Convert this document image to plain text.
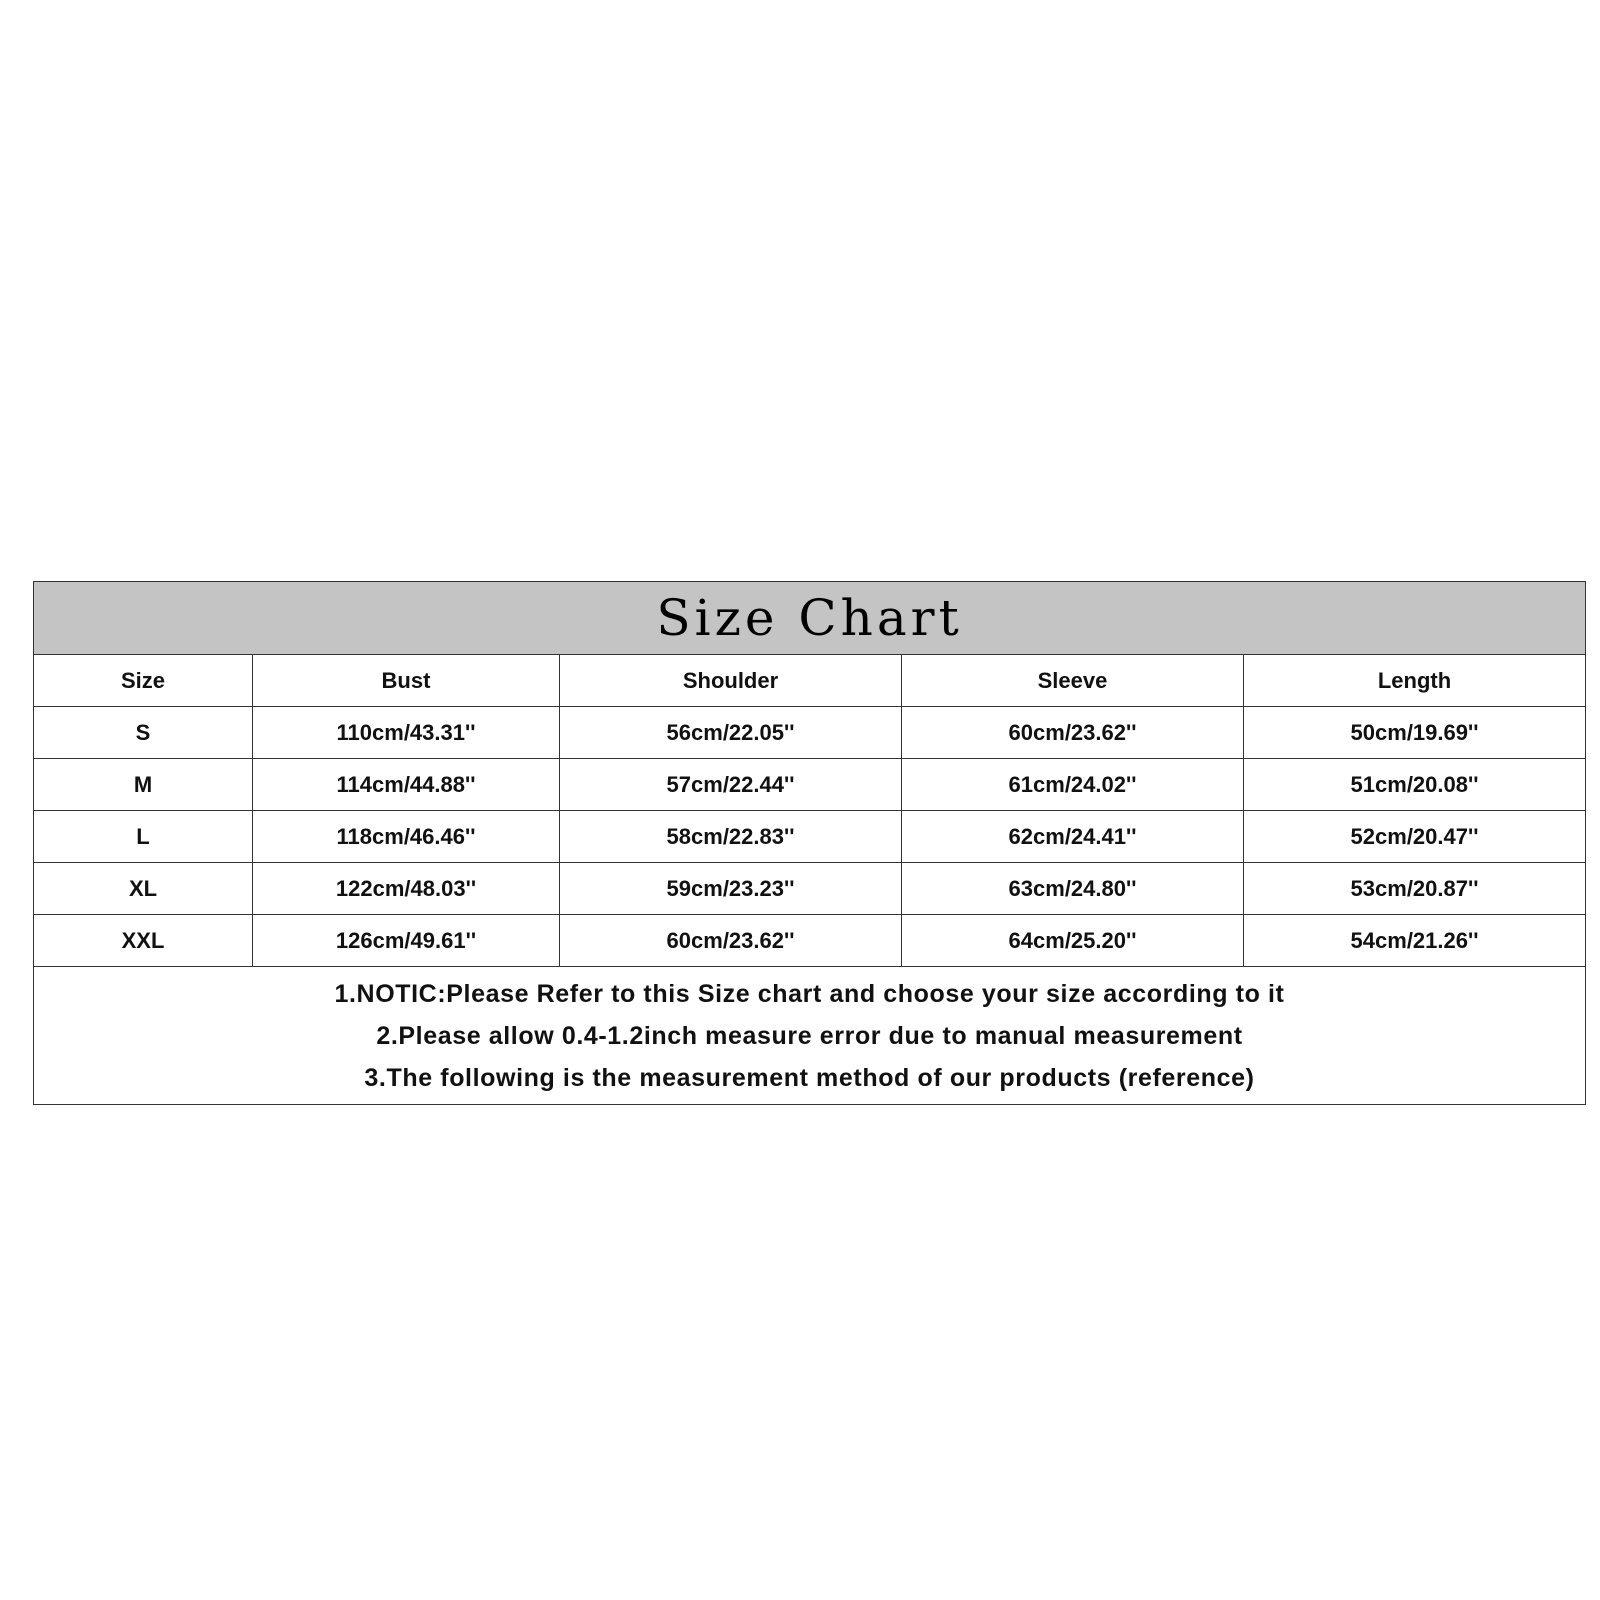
Size Chart				
Size	Bust	Shoulder	Sleeve	Length
S	110cm/43.31''	56cm/22.05''	60cm/23.62''	50cm/19.69''
M	114cm/44.88''	57cm/22.44''	61cm/24.02''	51cm/20.08''
L	118cm/46.46''	58cm/22.83''	62cm/24.41''	52cm/20.47''
XL	122cm/48.03''	59cm/23.23''	63cm/24.80''	53cm/20.87''
XXL	126cm/49.61''	60cm/23.62''	64cm/25.20''	54cm/21.26''

1.NOTIC:Please Refer to this Size chart and choose your size according to it
2.Please allow 0.4-1.2inch measure error due to manual measurement
3.The following is the measurement method of our products (reference)				
